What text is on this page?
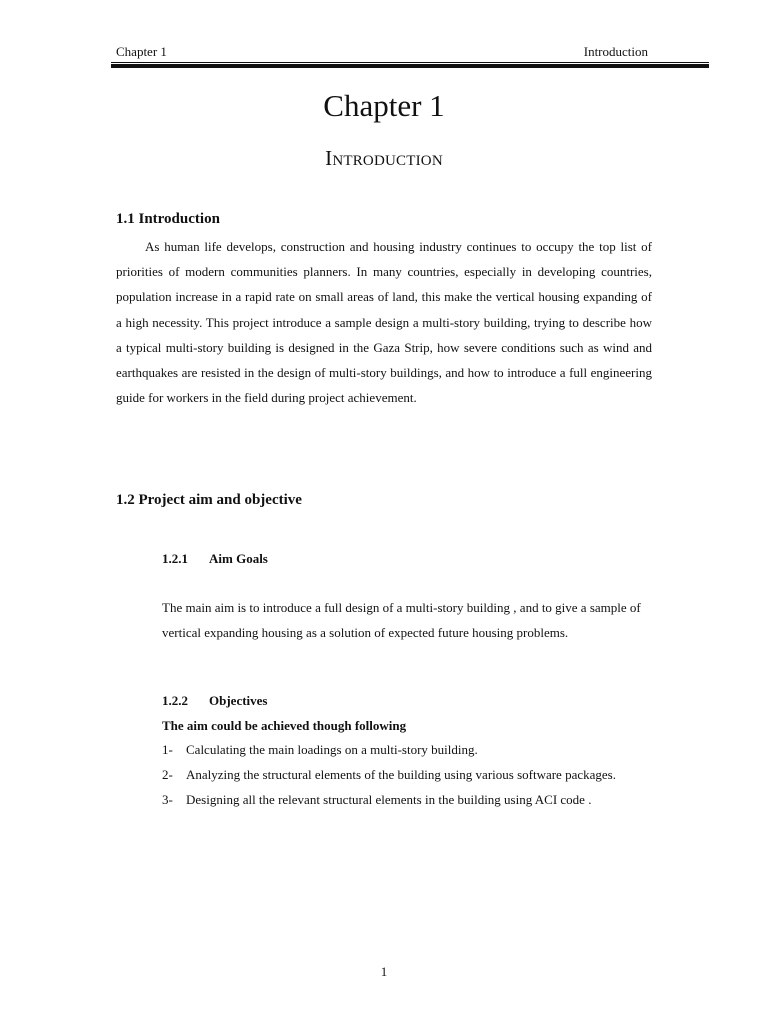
Chapter 1	Introduction
Chapter 1
Introduction
1.1 Introduction
As human life develops, construction and housing industry continues to occupy the top list of priorities of modern communities planners. In many countries, especially in developing countries, population increase in a rapid rate on small areas of land, this make the vertical housing expanding of a high necessity. This project introduce a sample design a multi-story building, trying to describe how a typical multi-story building is designed in the Gaza Strip, how severe conditions such as wind and earthquakes are resisted in the design of multi-story buildings, and how to introduce a full engineering guide for workers in the field during project achievement.
1.2 Project aim and objective
1.2.1 Aim Goals
The main aim is to introduce a full design of a multi-story building , and to give a sample of vertical expanding housing as a solution of expected future housing problems.
1.2.2 Objectives
The aim could be achieved though following
1- Calculating the main loadings on a multi-story building.
2- Analyzing the structural elements of the building using various software packages.
3- Designing all the relevant structural elements in the building using ACI code .
1
